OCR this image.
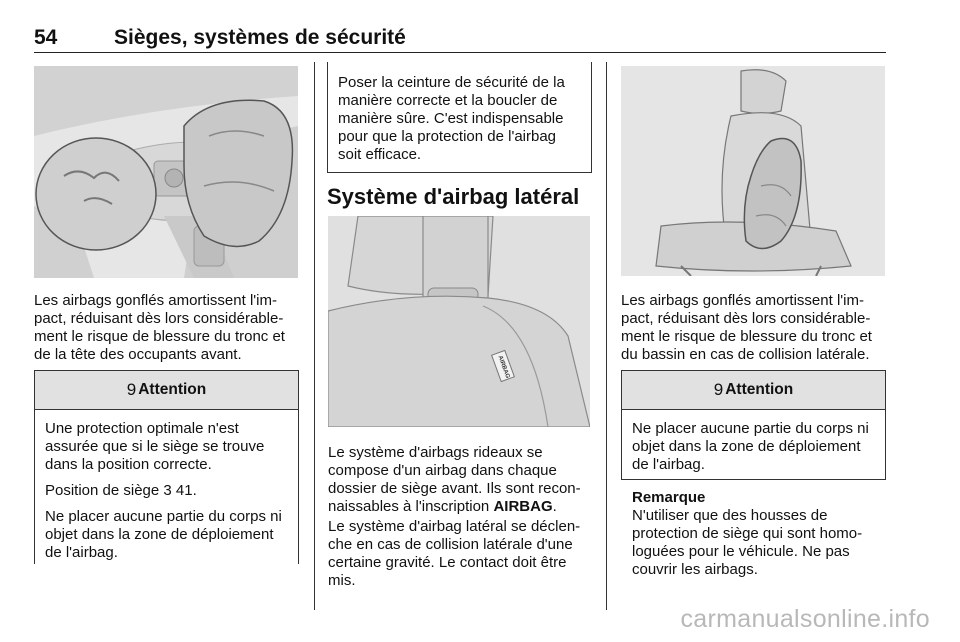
54	Sièges, systèmes de sécurité

Les airbags gonflés amortissent l'impact, réduisant dès lors considérablement le risque de blessure du tronc et de la tête des occupants avant.

9 Attention

Une protection optimale n'est assurée que si le siège se trouve dans la position correcte.

Position de siège 3 41.

Ne placer aucune partie du corps ni objet dans la zone de déploiement de l'airbag.

Poser la ceinture de sécurité de la manière correcte et la boucler de manière sûre. C'est indispensable pour que la protection de l'airbag soit efficace.

Système d'airbag latéral
AIRBAG

Le système d'airbags rideaux se compose d'un airbag dans chaque dossier de siège avant. Ils sont reconnaissables à l'inscription AIRBAG.

Le système d'airbag latéral se déclenche en cas de collision latérale d'une certaine gravité. Le contact doit être mis.

Les airbags gonflés amortissent l'impact, réduisant dès lors considérablement le risque de blessure du tronc et du bassin en cas de collision latérale.

9 Attention

Ne placer aucune partie du corps ni objet dans la zone de déploiement de l'airbag.

Remarque

N'utiliser que des housses de protection de siège qui sont homologuées pour le véhicule. Ne pas couvrir les airbags.

carmanualsonline.info
